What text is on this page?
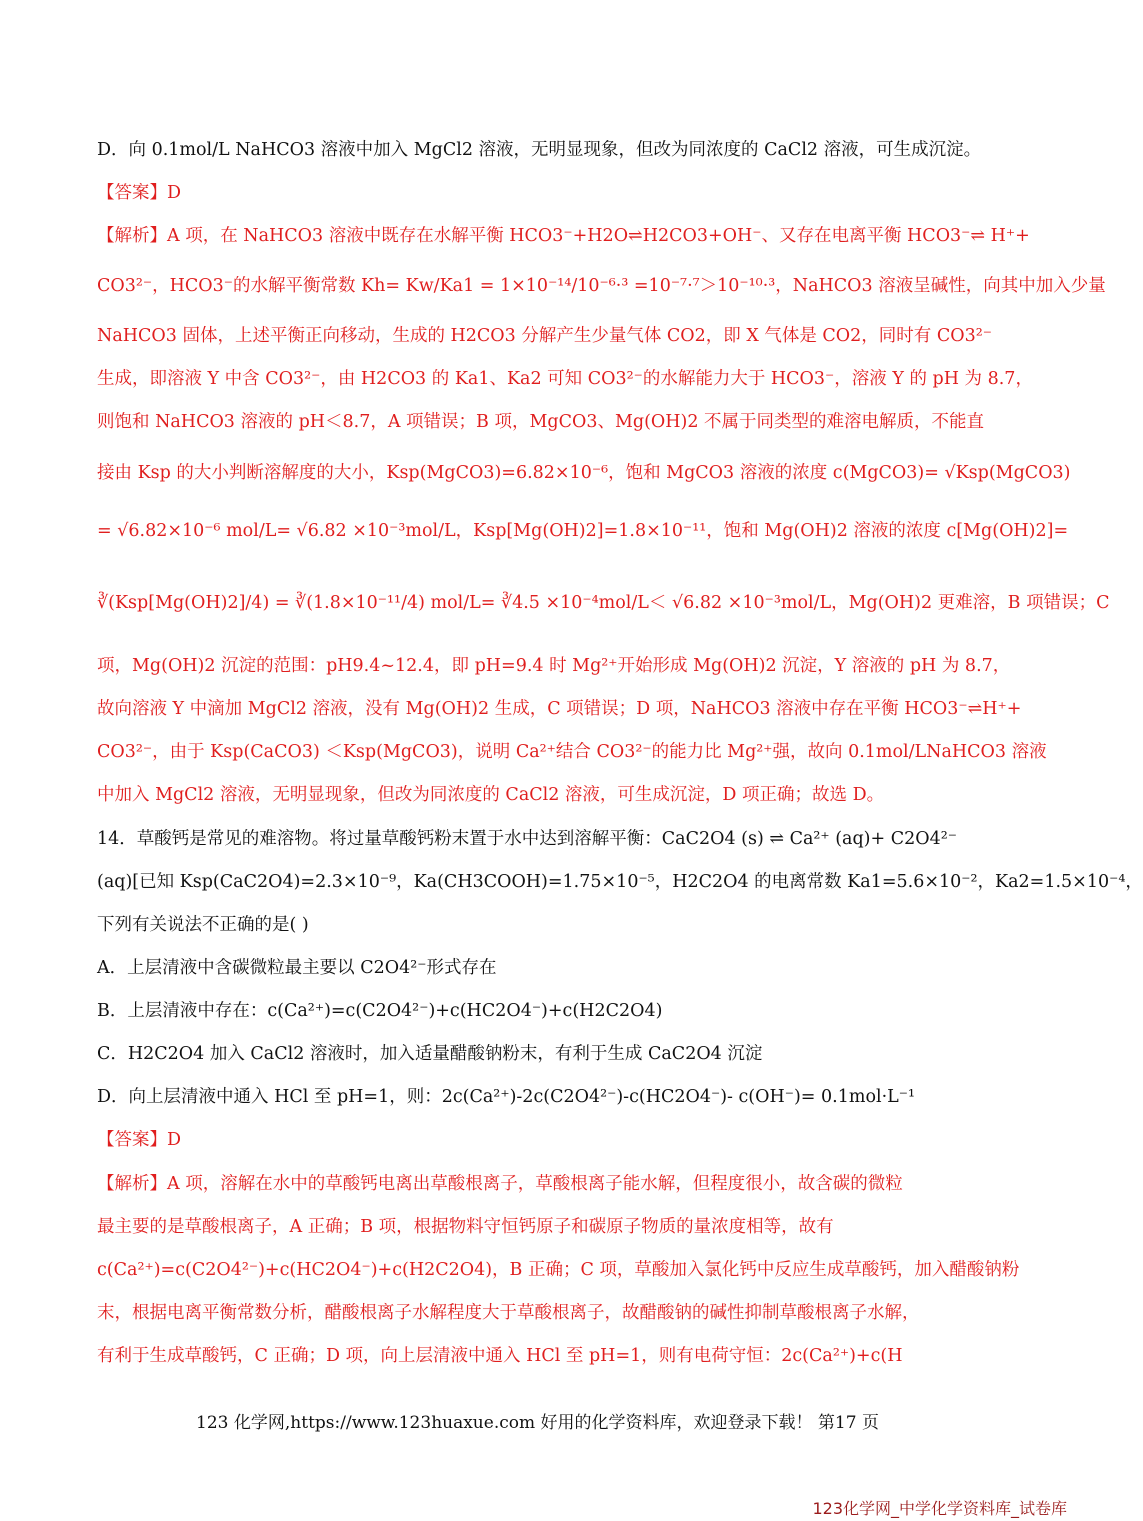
D．向 0.1mol/L NaHCO3 溶液中加入 MgCl2 溶液，无明显现象，但改为同浓度的 CaCl2 溶液，可生成沉淀。
【答案】D
【解析】A 项，在 NaHCO3 溶液中既存在水解平衡 HCO3⁻+H2O⇌H2CO3+OH⁻、又存在电离平衡 HCO3⁻⇌ H⁺+
CO3²⁻，HCO3⁻的水解平衡常数 Kh= Kw/Ka1 = 1×10⁻¹⁴/10⁻⁶·³ =10⁻⁷·⁷＞10⁻¹⁰·³，NaHCO3 溶液呈碱性，向其中加入少量
NaHCO3 固体，上述平衡正向移动，生成的 H2CO3 分解产生少量气体 CO2，即 X 气体是 CO2，同时有 CO3²⁻
生成，即溶液 Y 中含 CO3²⁻，由 H2CO3 的 Ka1、Ka2 可知 CO3²⁻的水解能力大于 HCO3⁻，溶液 Y 的 pH 为 8.7，
则饱和 NaHCO3 溶液的 pH＜8.7，A 项错误；B 项，MgCO3、Mg(OH)2 不属于同类型的难溶电解质，不能直
接由 Ksp 的大小判断溶解度的大小，Ksp(MgCO3)=6.82×10⁻⁶，饱和 MgCO3 溶液的浓度 c(MgCO3)= √Ksp(MgCO3)
= √6.82×10⁻⁶ mol/L= √6.82 ×10⁻³mol/L，Ksp[Mg(OH)2]=1.8×10⁻¹¹，饱和 Mg(OH)2 溶液的浓度 c[Mg(OH)2]=
∛(Ksp[Mg(OH)2]/4) = ∛(1.8×10⁻¹¹/4) mol/L= ∛4.5 ×10⁻⁴mol/L＜ √6.82 ×10⁻³mol/L，Mg(OH)2 更难溶，B 项错误；C
项，Mg(OH)2 沉淀的范围：pH9.4~12.4，即 pH=9.4 时 Mg²⁺开始形成 Mg(OH)2 沉淀，Y 溶液的 pH 为 8.7，
故向溶液 Y 中滴加 MgCl2 溶液，没有 Mg(OH)2 生成，C 项错误；D 项，NaHCO3 溶液中存在平衡 HCO3⁻⇌H⁺+
CO3²⁻，由于 Ksp(CaCO3) ＜Ksp(MgCO3)，说明 Ca²⁺结合 CO3²⁻的能力比 Mg²⁺强，故向 0.1mol/LNaHCO3 溶液
中加入 MgCl2 溶液，无明显现象，但改为同浓度的 CaCl2 溶液，可生成沉淀，D 项正确；故选 D。
14．草酸钙是常见的难溶物。将过量草酸钙粉末置于水中达到溶解平衡：CaC2O4 (s) ⇌ Ca²⁺ (aq)+ C2O4²⁻
(aq)[已知 Ksp(CaC2O4)=2.3×10⁻⁹，Ka(CH3COOH)=1.75×10⁻⁵，H2C2O4 的电离常数 Ka1=5.6×10⁻²，Ka2=1.5×10⁻⁴，
下列有关说法不正确的是( )
A．上层清液中含碳微粒最主要以 C2O4²⁻形式存在
B．上层清液中存在：c(Ca²⁺)=c(C2O4²⁻)+c(HC2O4⁻)+c(H2C2O4)
C．H2C2O4 加入 CaCl2 溶液时，加入适量醋酸钠粉末，有利于生成 CaC2O4 沉淀
D．向上层清液中通入 HCl 至 pH=1，则：2c(Ca²⁺)-2c(C2O4²⁻)-c(HC2O4⁻)- c(OH⁻)= 0.1mol·L⁻¹
【答案】D
【解析】A 项，溶解在水中的草酸钙电离出草酸根离子，草酸根离子能水解，但程度很小，故含碳的微粒
最主要的是草酸根离子，A 正确；B 项，根据物料守恒钙原子和碳原子物质的量浓度相等，故有
c(Ca²⁺)=c(C2O4²⁻)+c(HC2O4⁻)+c(H2C2O4)，B 正确；C 项，草酸加入氯化钙中反应生成草酸钙，加入醋酸钠粉
末，根据电离平衡常数分析，醋酸根离子水解程度大于草酸根离子，故醋酸钠的碱性抑制草酸根离子水解，
有利于生成草酸钙，C 正确；D 项，向上层清液中通入 HCl 至 pH=1，则有电荷守恒：2c(Ca²⁺)+c(H
123 化学网,https://www.123huaxue.com 好用的化学资料库，欢迎登录下载！ 第17 页
123化学网_中学化学资料库_试卷库
